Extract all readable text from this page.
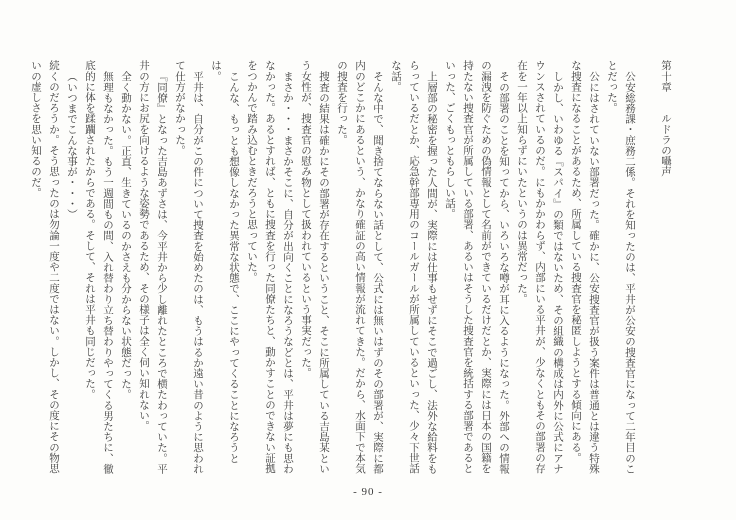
第十章　　ルドラの囁声

公安総務課・庶務二係。それを知ったのは、平井が公安の捜査官になって二年目のことだった。

公にはされていない部署だった。確かに、公安捜査官が扱う案件は普通とは違う特殊な捜査になることがあるため、所属している捜査官を秘匿しようとする傾向にある。

しかし、いわゆる『スパイ』の類ではないため、その組織の構成は内外に公式にアナウンスされているのだ。にもかかわらず、内部にいる平井が、少なくともその部署の存在を一年以上知らずにいたというのは異常だった。

その部署のことを知ってから、いろいろな噂が耳に入るようになった。外部への情報の漏洩を防ぐための偽情報として名前ができているだけだとか、実際には日本の国籍を持たない捜査官が所属している部署、あるいはそうした捜査官を統括する部署であるといった、ごくもっともらしい話。

上層部の秘密を握った人間が、実際には仕事もせずにそこで過ごし、法外な給料をもらっているだとか、応急幹部専用のコールガールが所属しているといった、少々下世話な話。

そんな中で、聞き捨てならない話として、公式には無いはずのその部署が、実際に都内のどこかにあるという、かなり確証の高い情報が流れてきた。だから、水面下で本気の捜査を行った。

捜査の結果は確かにその部署が存在するということ、そこに所属している吉島某という女性が、捜査官の慰み物として扱われているという事実だった。

まさか・・・まさかそこに、自分が出向くことになろうなどとは、平井は夢にも思わなかった。あるとすれば、ともに捜査を行った同僚たちと、動かすことのできない証拠をつかんで踏み込むときだろうと思っていた。

こんな、もっとも想像しなかった異常な状態で、ここにやってくることになろうとは。

平井は、自分がこの件について捜査を始めたのは、もうはるか遠い昔のように思われて仕方がなかった。

『同僚』となった吉島あずさは、今平井から少し離れたところで横たわっていた。平井の方にお尻を向けるような姿勢であるため、その様子は全く伺い知れない。

全く動かない。正直、生きているのかさえも分からない状態だった。

無理もなかった。もう一週間もの間、入れ替わり立ち替わりやってくる男たちに、徹底的に体を蹂躙されたからである。そして、それは平井も同じだった。

（いつまでこんな事が・・・）

続くのだろうか。そう思ったのは勿論一度や二度ではない。しかし、その度にその物思いの虚しさを思い知るのだ。

- 90 -
